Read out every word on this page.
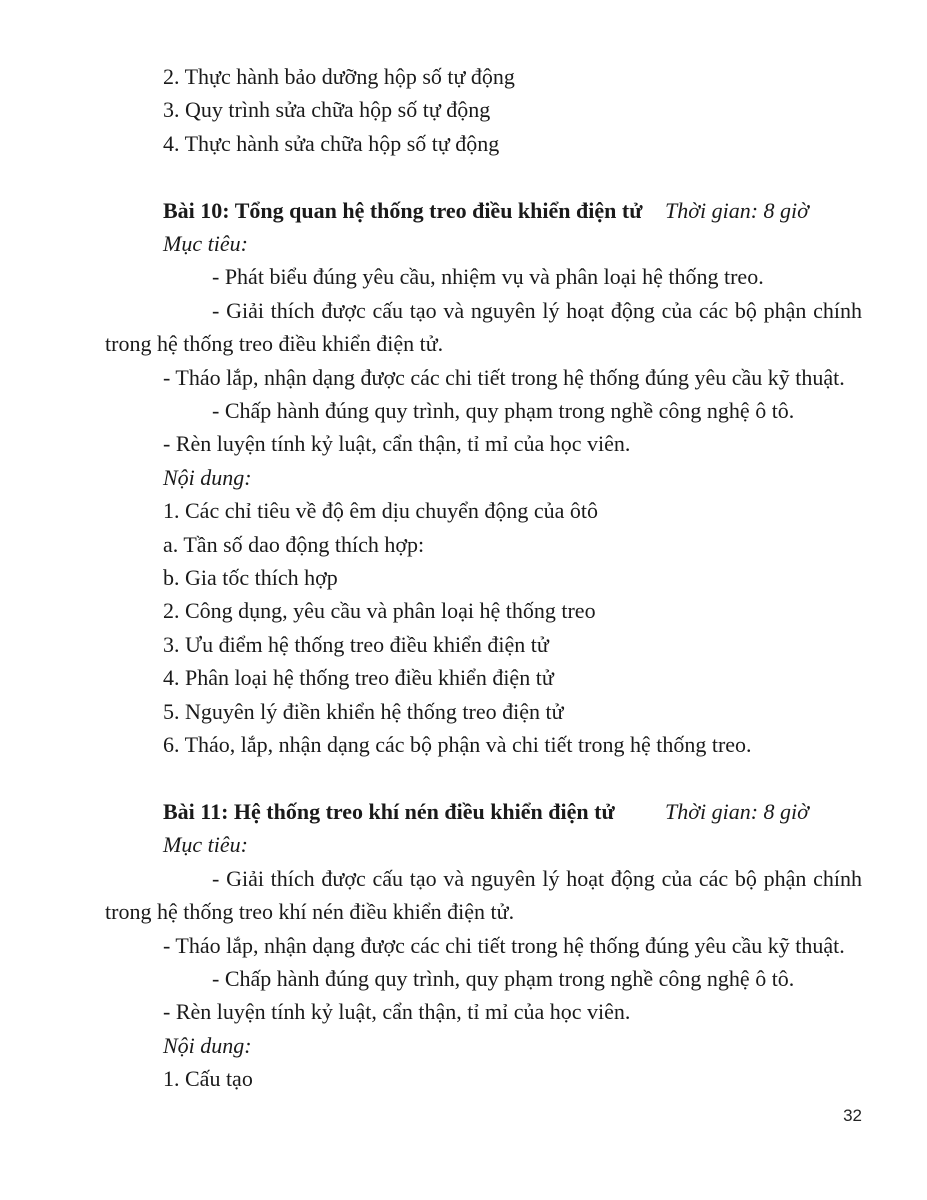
2. Thực hành bảo dưỡng hộp số tự động

3. Quy trình sửa chữa hộp số tự động

4. Thực hành sửa chữa hộp số tự động

Bài 10: Tổng quan hệ thống treo điều khiển điện tử Thời gian: 8 giờ

Mục tiêu:

- Phát biểu đúng yêu cầu, nhiệm vụ và phân loại hệ thống treo.

- Giải thích được cấu tạo và nguyên lý hoạt động của các bộ phận chính trong hệ thống treo điều khiển điện tử.

- Tháo lắp, nhận dạng được các chi tiết trong hệ thống đúng yêu cầu kỹ thuật.

- Chấp hành đúng quy trình, quy phạm trong nghề công nghệ ô tô.

- Rèn luyện tính kỷ luật, cẩn thận, tỉ mỉ của học viên.

Nội dung:

1. Các chỉ tiêu về độ êm dịu chuyển động của ôtô

a. Tần số dao động thích hợp:

b. Gia tốc thích hợp

2. Công dụng, yêu cầu và phân loại hệ thống treo

3. Ưu điểm hệ thống treo điều khiển điện tử

4. Phân loại hệ thống treo điều khiển điện tử

5. Nguyên lý điền khiển hệ thống treo điện tử

6. Tháo, lắp, nhận dạng các bộ phận và chi tiết trong hệ thống treo.

Bài 11: Hệ thống treo khí nén điều khiển điện tử Thời gian: 8 giờ

Mục tiêu:

- Giải thích được cấu tạo và nguyên lý hoạt động của các bộ phận chính trong hệ thống treo khí nén điều khiển điện tử.

- Tháo lắp, nhận dạng được các chi tiết trong hệ thống đúng yêu cầu kỹ thuật.

- Chấp hành đúng quy trình, quy phạm trong nghề công nghệ ô tô.

- Rèn luyện tính kỷ luật, cẩn thận, tỉ mỉ của học viên.

Nội dung:

1. Cấu tạo

32
